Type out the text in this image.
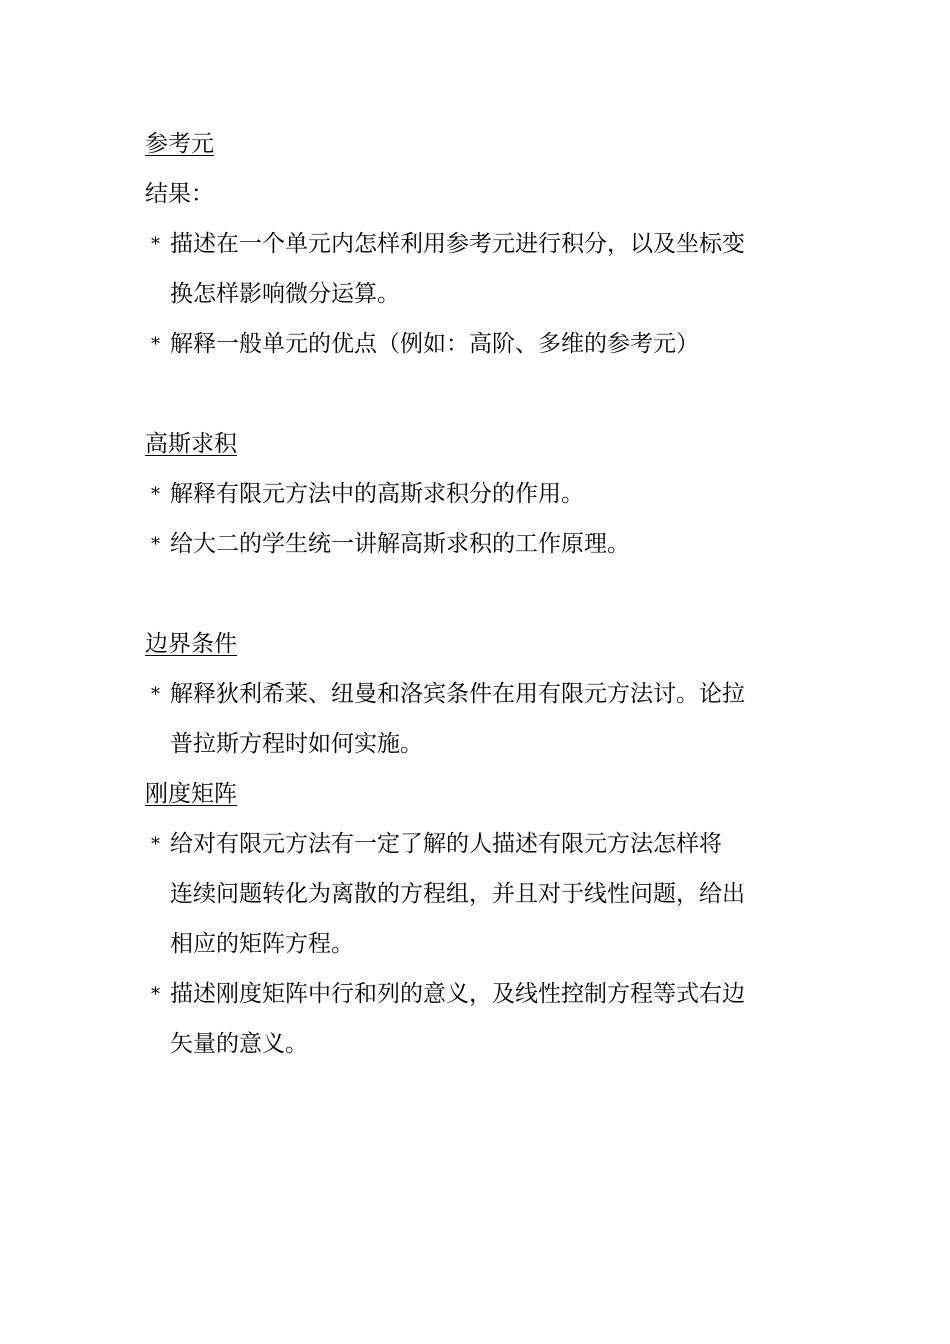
参考元
结果：
* 描述在一个单元内怎样利用参考元进行积分，以及坐标变
换怎样影响微分运算。
* 解释一般单元的优点（例如：高阶、多维的参考元）
高斯求积
* 解释有限元方法中的高斯求积分的作用。
* 给大二的学生统一讲解高斯求积的工作原理。
边界条件
* 解释狄利希莱、纽曼和洛宾条件在用有限元方法讨。论拉
普拉斯方程时如何实施。
刚度矩阵
* 给对有限元方法有一定了解的人描述有限元方法怎样将
连续问题转化为离散的方程组，并且对于线性问题，给出
相应的矩阵方程。
* 描述刚度矩阵中行和列的意义，及线性控制方程等式右边
矢量的意义。
